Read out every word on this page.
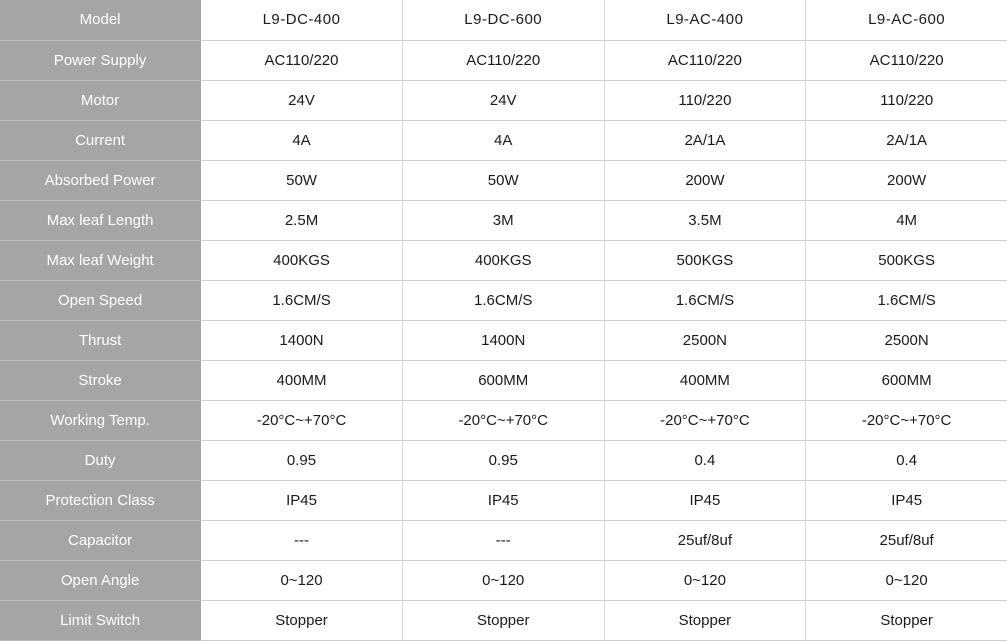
Model	L9-DC-400	L9-DC-600	L9-AC-400	L9-AC-600
Power Supply	AC110/220	AC110/220	AC110/220	AC110/220
Motor	24V	24V	110/220	110/220
Current	4A	4A	2A/1A	2A/1A
Absorbed Power	50W	50W	200W	200W
Max leaf Length	2.5M	3M	3.5M	4M
Max leaf Weight	400KGS	400KGS	500KGS	500KGS
Open Speed	1.6CM/S	1.6CM/S	1.6CM/S	1.6CM/S
Thrust	1400N	1400N	2500N	2500N
Stroke	400MM	600MM	400MM	600MM
Working Temp.	-20°C~+70°C	-20°C~+70°C	-20°C~+70°C	-20°C~+70°C
Duty	0.95	0.95	0.4	0.4
Protection Class	IP45	IP45	IP45	IP45
Capacitor	---	---	25uf/8uf	25uf/8uf
Open Angle	0~120	0~120	0~120	0~120
Limit Switch	Stopper	Stopper	Stopper	Stopper
